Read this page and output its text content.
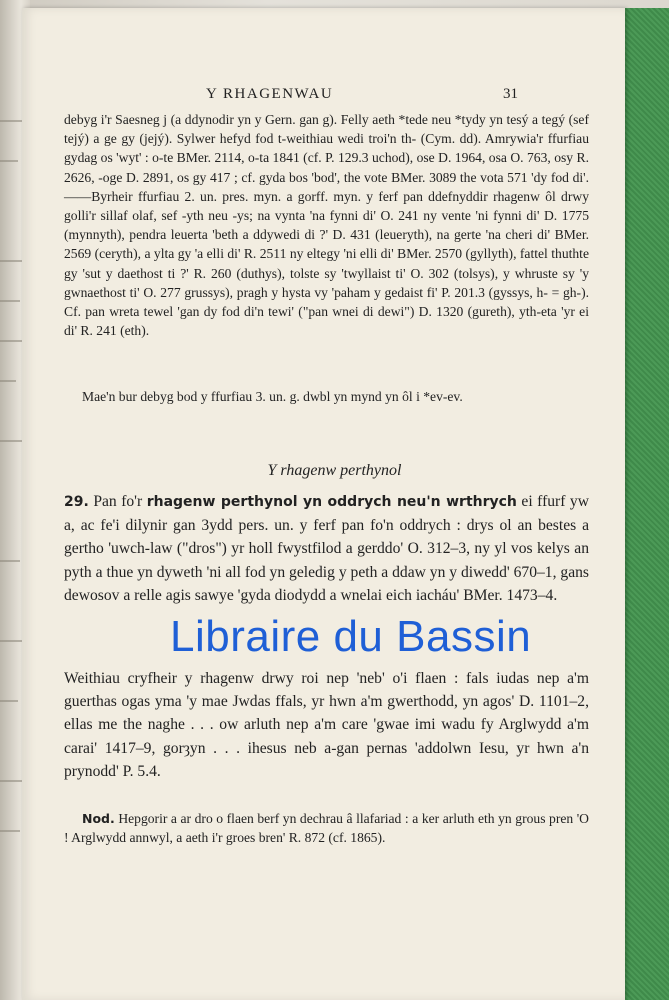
Y RHAGENWAU	31
debyg i'r Saesneg j (a ddynodir yn y Gern. gan g). Felly aeth *tede neu *tydy yn tesý a tegý (sef tejý) a ge gy (jejý). Sylwer hefyd fod t-weithiau wedi troi'n th- (Cym. dd). Amrywia'r ffurfiau gydag os 'wyt' : o-te BMer. 2114, o-ta 1841 (cf. P. 129.3 uchod), ose D. 1964, osa O. 763, osy R. 2626, -oge D. 2891, os gy 417 ; cf. gyda bos 'bod', the vote BMer. 3089 the vota 571 'dy fod di'.——Byrheir ffurfiau 2. un. pres. myn. a gorff. myn. y ferf pan ddefnyddir rhagenw ôl drwy golli'r sillaf olaf, sef -yth neu -ys; na vynta 'na fynni di' O. 241 ny vente 'ni fynni di' D. 1775 (mynnyth), pendra leuerta 'beth a ddywedi di ?' D. 431 (leueryth), na gerte 'na cheri di' BMer. 2569 (ceryth), a ylta gy 'a elli di' R. 2511 ny eltegy 'ni elli di' BMer. 2570 (gyllyth), fattel thuthte gy 'sut y daethost ti ?' R. 260 (duthys), tolste sy 'twyllaist ti' O. 302 (tolsys), y whruste sy 'y gwnaethost ti' O. 277 grussys), pragh y hysta vy 'paham y gedaist fi' P. 201.3 (gyssys, h- = gh-). Cf. pan wreta tewel 'gan dy fod di'n tewi' ("pan wnei di dewi") D. 1320 (gureth), yth-eta 'yr ei di' R. 241 (eth).
Mae'n bur debyg bod y ffurfiau 3. un. g. dwbl yn mynd yn ôl i *ev-ev.
Y rhagenw perthynol
29. Pan fo'r rhagenw perthynol yn oddrych neu'n wrthrych ei ffurf yw a, ac fe'i dilynir gan 3ydd pers. un. y ferf pan fo'n oddrych : drys ol an bestes a gertho 'uwch-law ("dros") yr holl fwystfilod a gerddo' O. 312–3, ny yl vos kelys an pyth a thue yn dyweth 'ni all fod yn geledig y peth a ddaw yn y diwedd' 670–1, gans dewosov a relle agis sawye 'gyda diodydd a wnelai eich iacháu' BMer. 1473–4.
Weithiau cryfheir y rhagenw drwy roi nep 'neb' o'i flaen : fals iudas nep a'm guerthas ogas yma 'y mae Jwdas ffals, yr hwn a'm gwerthodd, yn agos' D. 1101–2, ellas me the naghe . . . ow arluth nep a'm care 'gwae imi wadu fy Arglwydd a'm carai' 1417–9, gorȝyn . . . ihesus neb a-gan pernas 'addolwn Iesu, yr hwn a'n prynodd' P. 5.4.
Nod. Hepgorir a ar dro o flaen berf yn dechrau â llafariad : a ker arluth eth yn grous pren 'O ! Arglwydd annwyl, a aeth i'r groes bren' R. 872 (cf. 1865).
Libraire du Bassin
